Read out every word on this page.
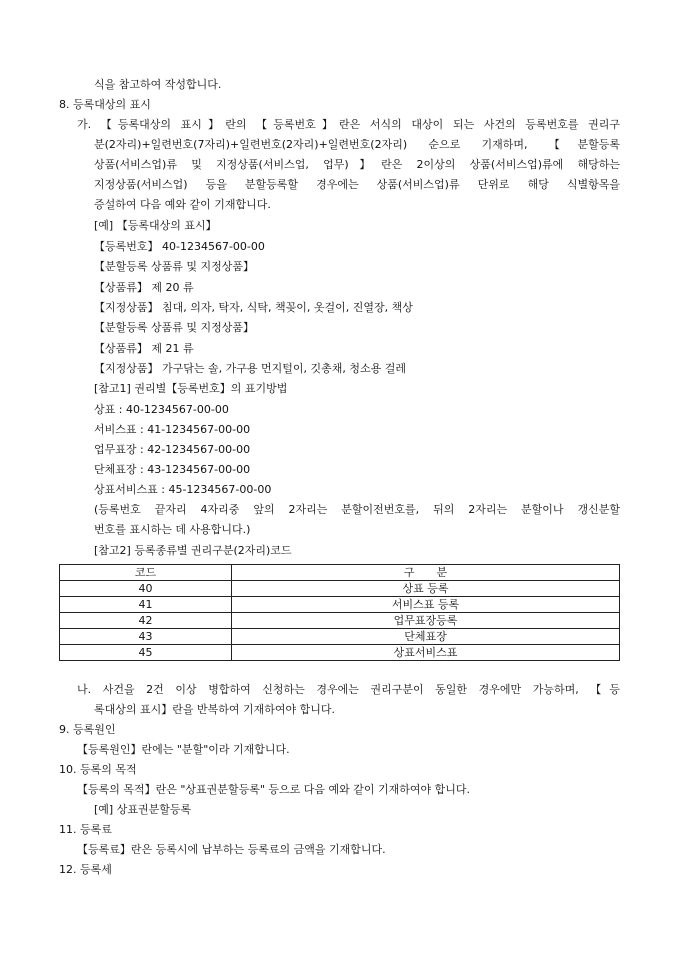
식을 참고하여 작성합니다.
8. 등록대상의 표시
가. 【등록대상의 표시】란의 【등록번호】란은 서식의 대상이 되는 사건의 등록번호를 권리구
분(2자리)+일련번호(7자리)+일련번호(2자리)+일련번호(2자리) 순으로 기재하며, 【분할등록
상품(서비스업)류 및 지정상품(서비스업, 업무)】란은 2이상의 상품(서비스업)류에 해당하는
지정상품(서비스업) 등을 분할등록할 경우에는 상품(서비스업)류 단위로 해당 식별항목을
증설하여 다음 예와 같이 기재합니다.
[예] 【등록대상의 표시】
【등록번호】 40-1234567-00-00
【분할등록 상품류 및 지정상품】
【상품류】 제 20 류
【지정상품】 침대, 의자, 탁자, 식탁, 책꽂이, 옷걸이, 진열장, 책상
【분할등록 상품류 및 지정상품】
【상품류】 제 21 류
【지정상품】 가구닦는 솔, 가구용 먼지털이, 깃총채, 청소용 걸레
[참고1] 권리별【등록번호】의 표기방법
상표 : 40-1234567-00-00
서비스표 : 41-1234567-00-00
업무표장 : 42-1234567-00-00
단체표장 : 43-1234567-00-00
상표서비스표 : 45-1234567-00-00
(등록번호 끝자리 4자리중 앞의 2자리는 분할이전번호를, 뒤의 2자리는 분할이나 갱신분할
번호를 표시하는 데 사용합니다.)
[참고2] 등록종류별 권리구분(2자리)코드
코드	구　　분
40	상표 등록
41	서비스표 등록
42	업무표장등록
43	단체표장
45	상표서비스표
나. 사건을 2건 이상 병합하여 신청하는 경우에는 권리구분이 동일한 경우에만 가능하며, 【등
록대상의 표시】란을 반복하여 기재하여야 합니다.
9. 등록원인
【등록원인】란에는 "분할"이라 기재합니다.
10. 등록의 목적
【등록의 목적】란은 "상표권분할등록" 등으로 다음 예와 같이 기재하여야 합니다.
[예] 상표권분할등록
11. 등록료
【등록료】란은 등록시에 납부하는 등록료의 금액을 기재합니다.
12. 등록세
